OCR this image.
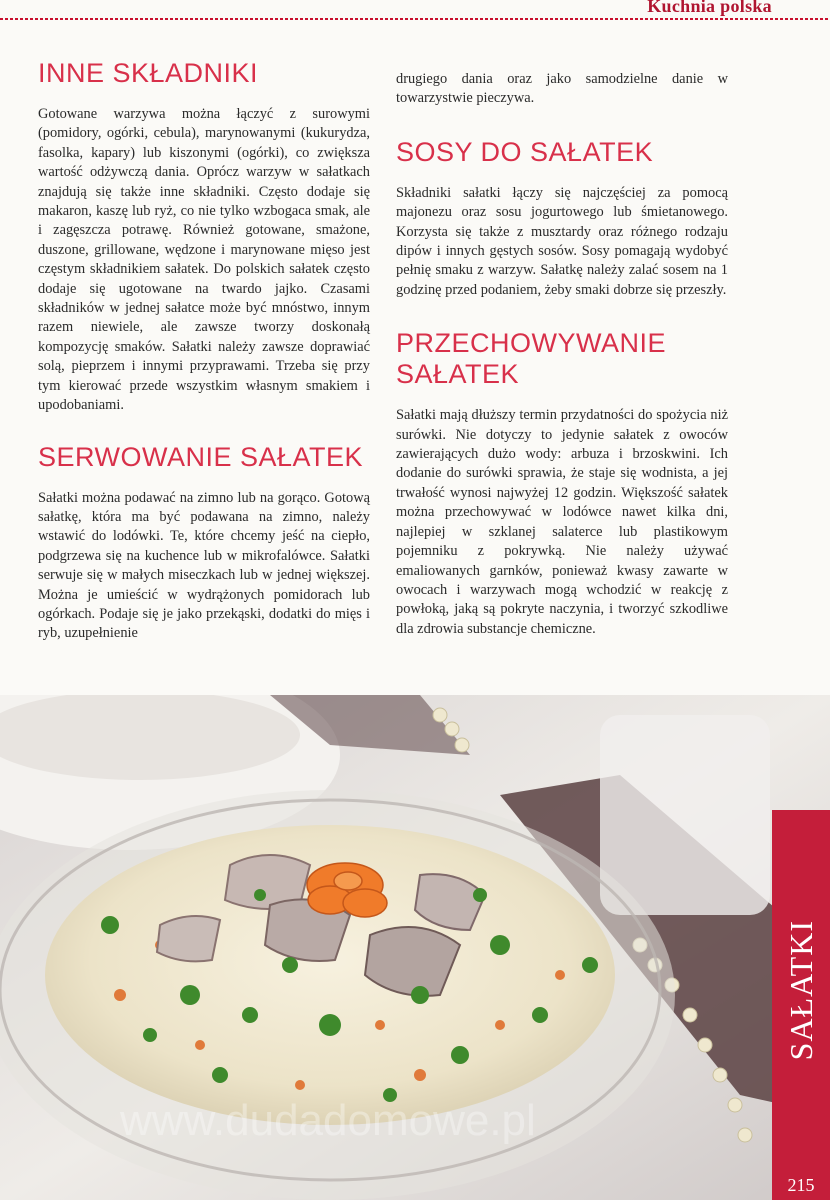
Kuchnia polska
INNE SKŁADNIKI

Gotowane warzywa można łączyć z surowymi (pomidory, ogórki, cebula), marynowanymi (kukurydza, fasolka, kapary) lub kiszonymi (ogórki), co zwiększa wartość odżywczą dania. Oprócz warzyw w sałatkach znajdują się także inne składniki. Często dodaje się makaron, kaszę lub ryż, co nie tylko wzbogaca smak, ale i zagęszcza potrawę. Również gotowane, smażone, duszone, grillowane, wędzone i marynowane mięso jest częstym składnikiem sałatek. Do polskich sałatek często dodaje się ugotowane na twardo jajko. Czasami składników w jednej sałatce może być mnóstwo, innym razem niewiele, ale zawsze tworzy doskonałą kompozycję smaków. Sałatki należy zawsze doprawiać solą, pieprzem i innymi przyprawami. Trzeba się przy tym kierować przede wszystkim własnym smakiem i upodobaniami.

SERWOWANIE SAŁATEK

Sałatki można podawać na zimno lub na gorąco. Gotową sałatkę, która ma być podawana na zimno, należy wstawić do lodówki. Te, które chcemy jeść na ciepło, podgrzewa się na kuchence lub w mikrofalówce. Sałatki serwuje się w małych miseczkach lub w jednej większej. Można je umieścić w wydrążonych pomidorach lub ogórkach. Podaje się je jako przekąski, dodatki do mięs i ryb, uzupełnienie

drugiego dania oraz jako samodzielne danie w towarzystwie pieczywa.

SOSY DO SAŁATEK

Składniki sałatki łączy się najczęściej za pomocą majonezu oraz sosu jogurtowego lub śmietanowego. Korzysta się także z musztardy oraz różnego rodzaju dipów i innych gęstych sosów. Sosy pomagają wydobyć pełnię smaku z warzyw. Sałatkę należy zalać sosem na 1 godzinę przed podaniem, żeby smaki dobrze się przeszły.

PRZECHOWYWANIE SAŁATEK

Sałatki mają dłuższy termin przydatności do spożycia niż surówki. Nie dotyczy to jedynie sałatek z owoców zawierających dużo wody: arbuza i brzoskwini. Ich dodanie do surówki sprawia, że staje się wodnista, a jej trwałość wynosi najwyżej 12 godzin. Większość sałatek można przechowywać w lodówce nawet kilka dni, najlepiej w szklanej salaterce lub plastikowym pojemniku z pokrywką. Nie należy używać emaliowanych garnków, ponieważ kwasy zawarte w owocach i warzywach mogą wchodzić w reakcję z powłoką, jaką są pokryte naczynia, i tworzyć szkodliwe dla zdrowia substancje chemiczne.

www.dudadomowe.pl
SAŁATKI
215
